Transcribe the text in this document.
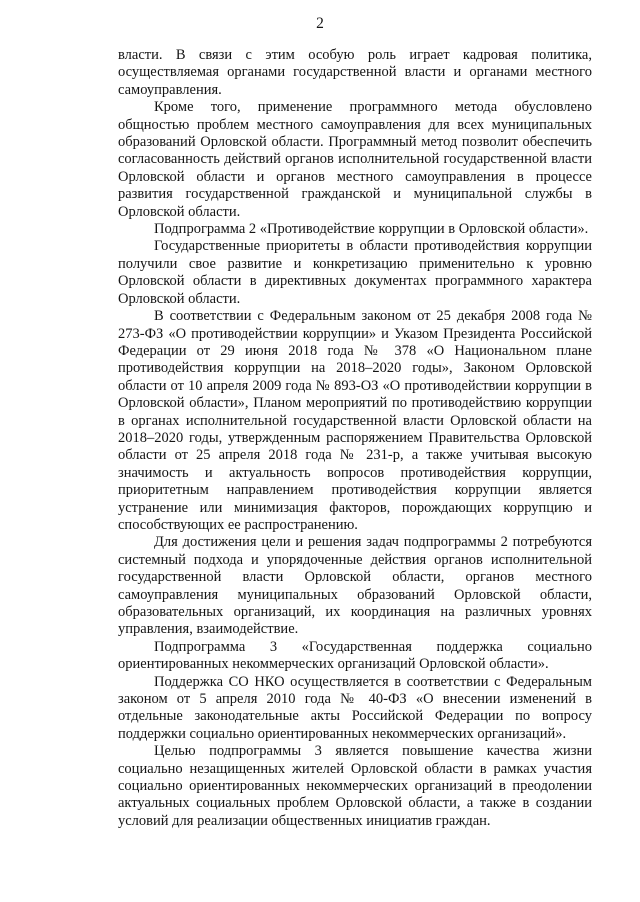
2

власти. В связи с этим особую роль играет кадровая политика, осуществляемая органами государственной власти и органами местного самоуправления.

Кроме того, применение программного метода обусловлено общностью проблем местного самоуправления для всех муниципальных образований Орловской области. Программный метод позволит обеспечить согласованность действий органов исполнительной государственной власти Орловской области и органов местного самоуправления в процессе развития государственной гражданской и муниципальной службы в Орловской области.

Подпрограмма 2 «Противодействие коррупции в Орловской области».

Государственные приоритеты в области противодействия коррупции получили свое развитие и конкретизацию применительно к уровню Орловской области в директивных документах программного характера Орловской области.

В соответствии с Федеральным законом от 25 декабря 2008 года № 273-ФЗ «О противодействии коррупции» и Указом Президента Российской Федерации от 29 июня 2018 года № 378 «О Национальном плане противодействия коррупции на 2018–2020 годы», Законом Орловской области от 10 апреля 2009 года № 893-ОЗ «О противодействии коррупции в Орловской области», Планом мероприятий по противодействию коррупции в органах исполнительной государственной власти Орловской области на 2018–2020 годы, утвержденным распоряжением Правительства Орловской области от 25 апреля 2018 года № 231-р, а также учитывая высокую значимость и актуальность вопросов противодействия коррупции, приоритетным направлением противодействия коррупции является устранение или минимизация факторов, порождающих коррупцию и способствующих ее распространению.

Для достижения цели и решения задач подпрограммы 2 потребуются системный подхода и упорядоченные действия органов исполнительной государственной власти Орловской области, органов местного самоуправления муниципальных образований Орловской области, образовательных организаций, их координация на различных уровнях управления, взаимодействие.

Подпрограмма 3 «Государственная поддержка социально ориентированных некоммерческих организаций Орловской области».

Поддержка СО НКО осуществляется в соответствии с Федеральным законом от 5 апреля 2010 года № 40-ФЗ «О внесении изменений в отдельные законодательные акты Российской Федерации по вопросу поддержки социально ориентированных некоммерческих организаций».

Целью подпрограммы 3 является повышение качества жизни социально незащищенных жителей Орловской области в рамках участия социально ориентированных некоммерческих организаций в преодолении актуальных социальных проблем Орловской области, а также в создании условий для реализации общественных инициатив граждан.
